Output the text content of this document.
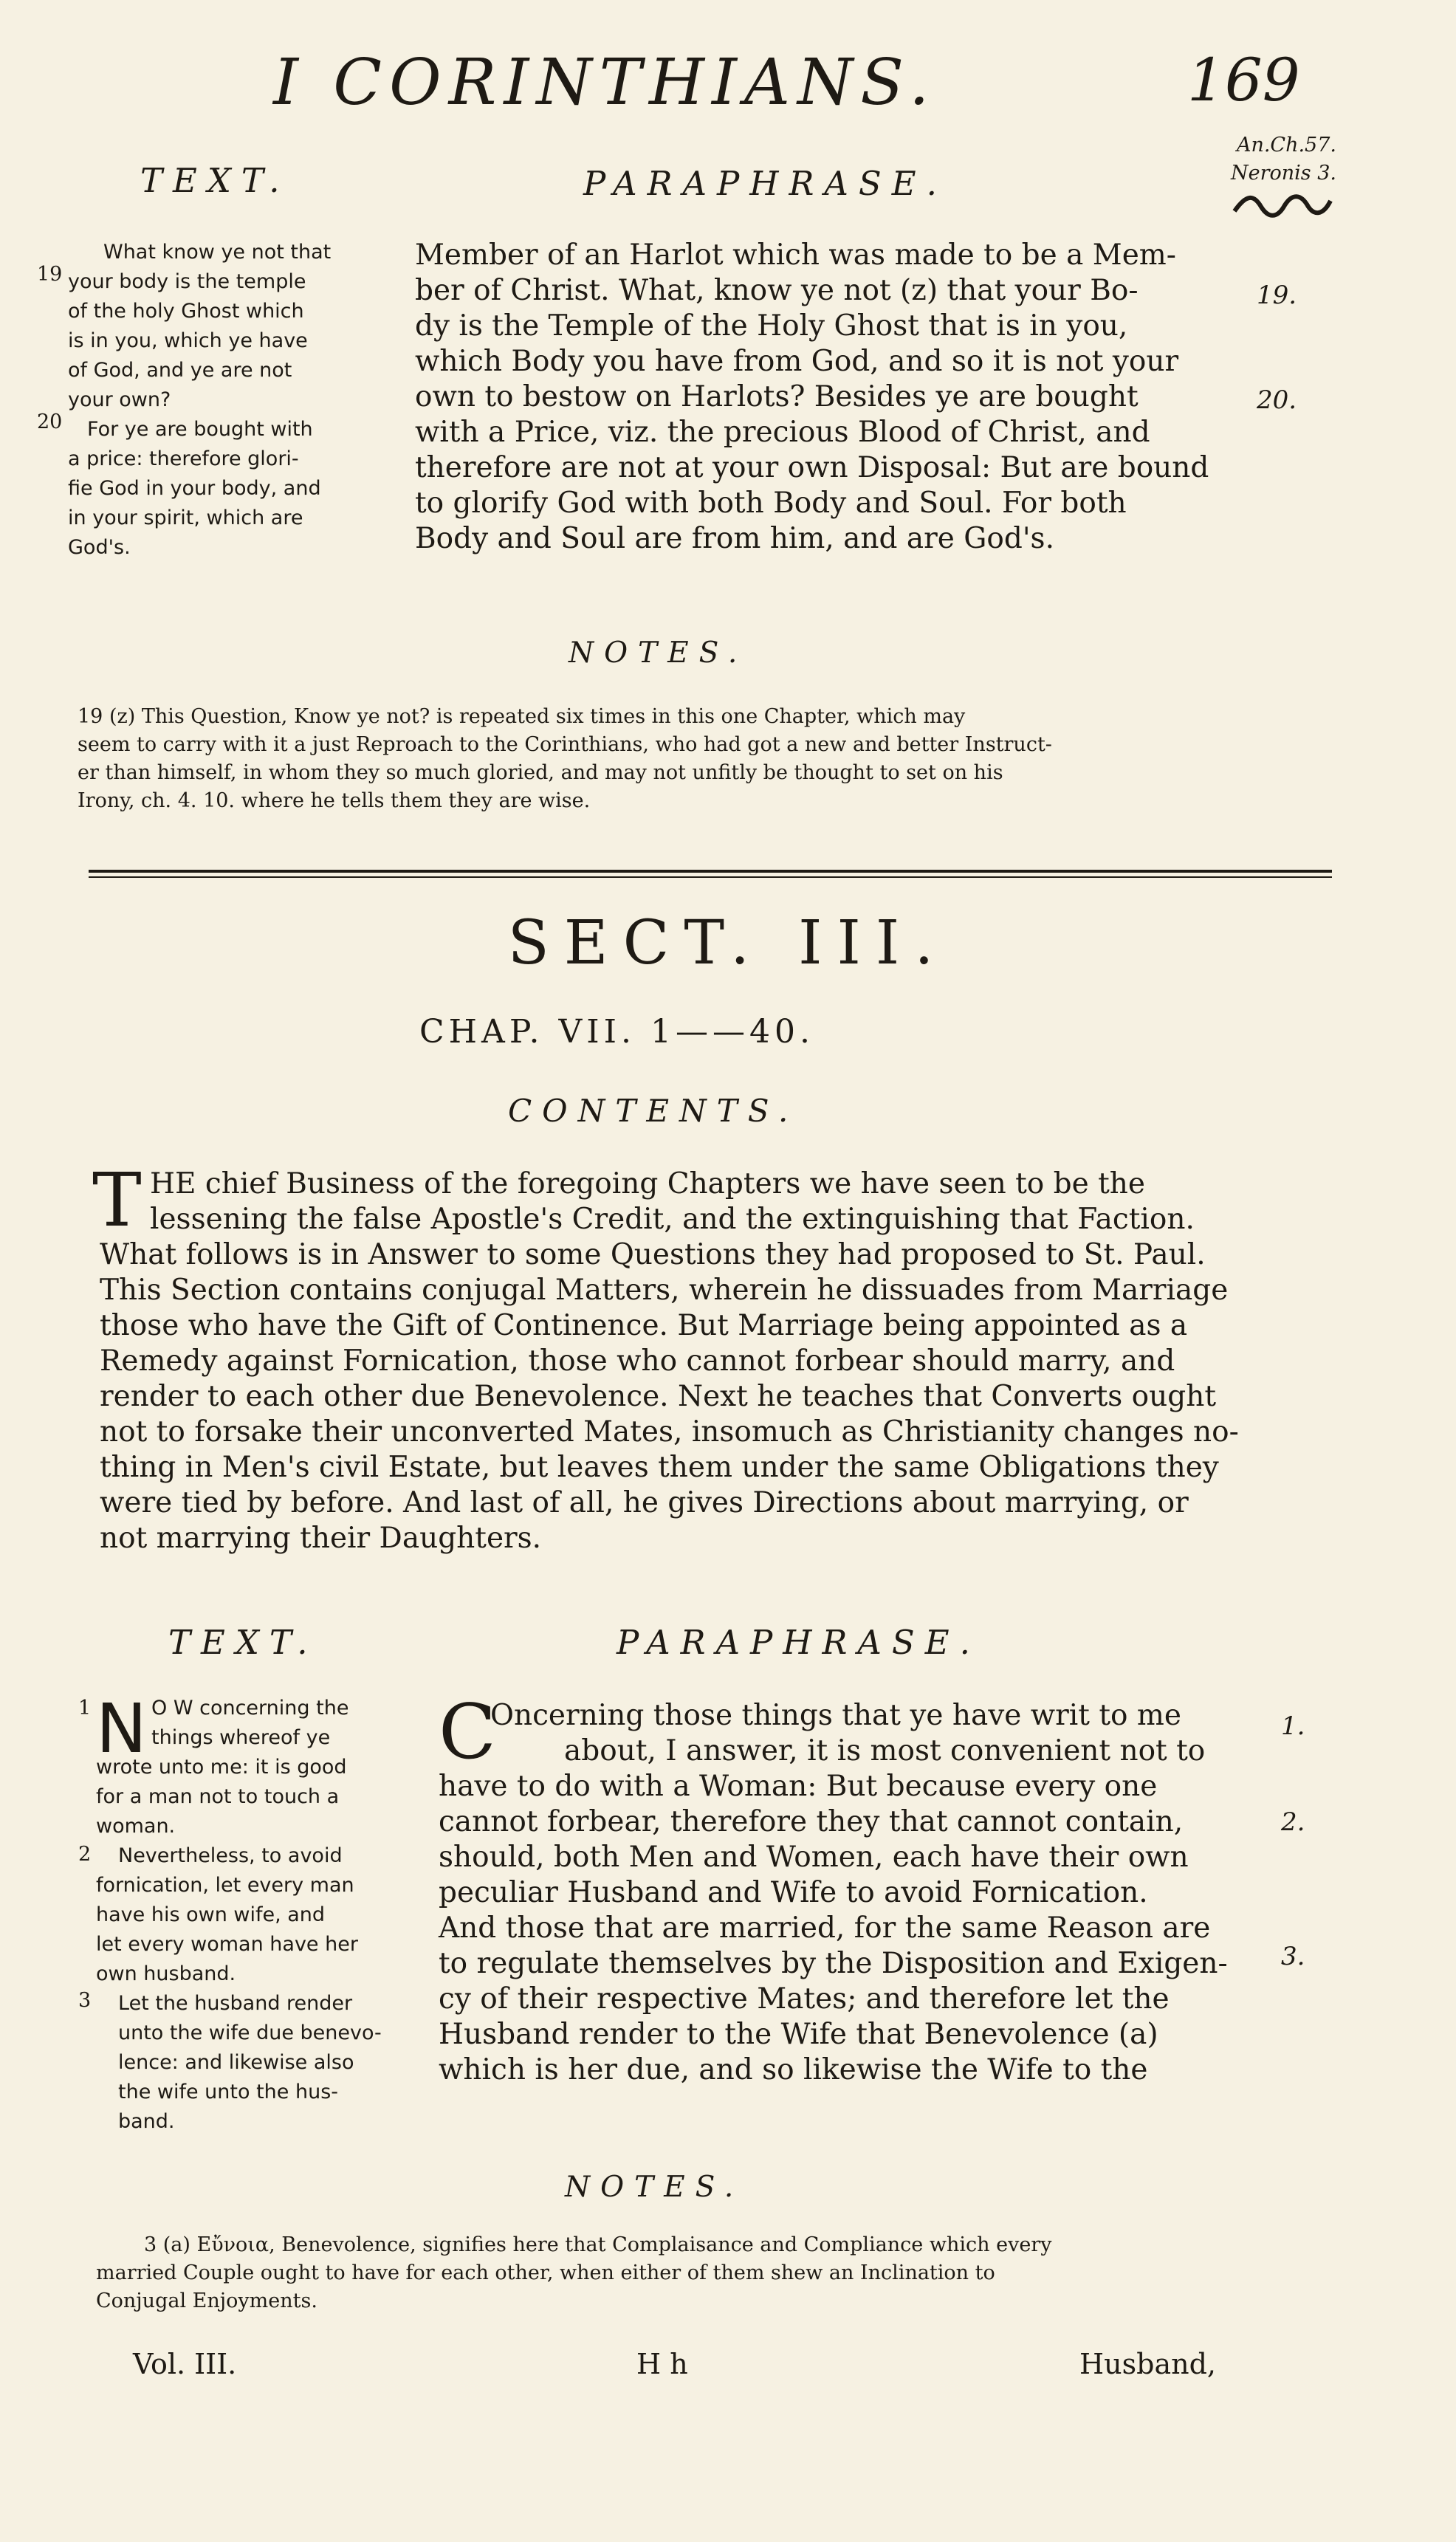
I CORINTHIANS.	169
An.Ch.57.
Neronis 3.
TEXT.	PARAPHRASE.
19
20
What know ye not that
your body is the temple
of the holy Ghost which
is in you, which ye have
of God, and ye are not
your own?
For ye are bought with
a price: therefore glori-
fie God in your body, and
in your spirit, which are
God's.
Member of an Harlot which was made to be a Mem-
ber of Christ. What, know ye not (z) that your Bo-
dy is the Temple of the Holy Ghost that is in you,
which Body you have from God, and so it is not your
own to bestow on Harlots? Besides ye are bought
with a Price, viz. the precious Blood of Christ, and
therefore are not at your own Disposal: But are bound
to glorify God with both Body and Soul. For both
Body and Soul are from him, and are God's.
19.
20.
NOTES.
19 (z) This Question, Know ye not? is repeated six times in this one Chapter, which may
seem to carry with it a just Reproach to the Corinthians, who had got a new and better Instruct-
er than himself, in whom they so much gloried, and may not unfitly be thought to set on his
Irony, ch. 4. 10. where he tells them they are wise.
SECT. III.
CHAP. VII. 1——40.
CONTENTS.
T HE chief Business of the foregoing Chapters we have seen to be the
lessening the false Apostle's Credit, and the extinguishing that Faction.
What follows is in Answer to some Questions they had proposed to St. Paul.
This Section contains conjugal Matters, wherein he dissuades from Marriage
those who have the Gift of Continence. But Marriage being appointed as a
Remedy against Fornication, those who cannot forbear should marry, and
render to each other due Benevolence. Next he teaches that Converts ought
not to forsake their unconverted Mates, insomuch as Christianity changes no-
thing in Men's civil Estate, but leaves them under the same Obligations they
were tied by before. And last of all, he gives Directions about marrying, or
not marrying their Daughters.
TEXT.	PARAPHRASE.
1
2
3
N O W concerning the
things whereof ye
wrote unto me: it is good
for a man not to touch a
woman.
Nevertheless, to avoid
fornication, let every man
have his own wife, and
let every woman have her
own husband.
Let the husband render
unto the wife due benevo-
lence: and likewise also
the wife unto the hus-
band.
C
Oncerning those things that ye have writ to me
about, I answer, it is most convenient not to
have to do with a Woman: But because every one
cannot forbear, therefore they that cannot contain,
should, both Men and Women, each have their own
peculiar Husband and Wife to avoid Fornication.
And those that are married, for the same Reason are
to regulate themselves by the Disposition and Exigen-
cy of their respective Mates; and therefore let the
Husband render to the Wife that Benevolence (a)
which is her due, and so likewise the Wife to the
1.
2.
3.
NOTES.
3 (a) Εὔνοια, Benevolence, signifies here that Complaisance and Compliance which every
married Couple ought to have for each other, when either of them shew an Inclination to
Conjugal Enjoyments.
Vol. III.	H h	Husband,
